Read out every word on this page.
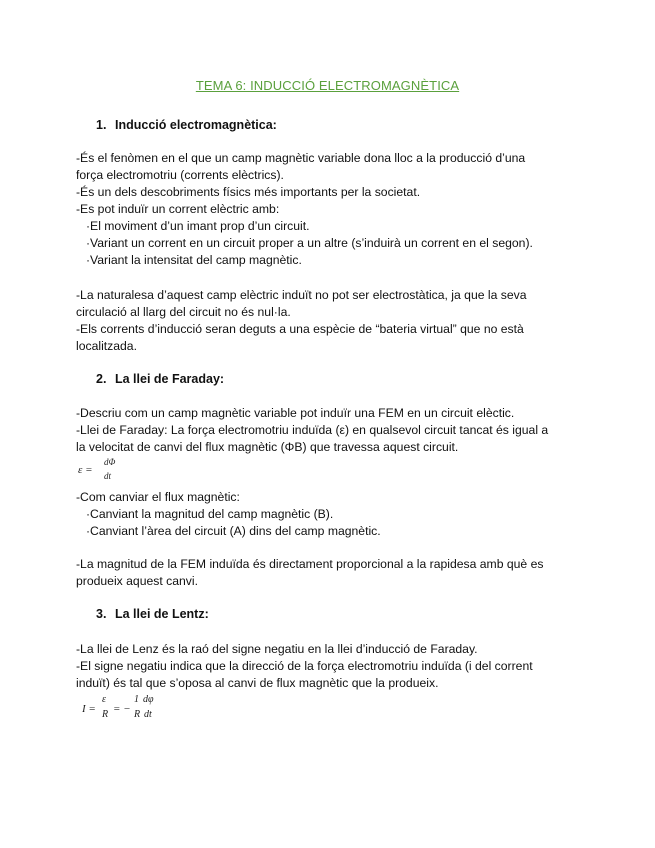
TEMA 6: INDUCCIÓ ELECTROMAGNÈTICA
1. Inducció electromagnètica:
-És el fenòmen en el que un camp magnètic variable dona lloc a la producció d’una
força electromotriu (corrents elèctrics).
-És un dels descobriments físics més importants per la societat.
-Es pot induïr un corrent elèctric amb:
·El moviment d’un imant prop d’un circuit.
·Variant un corrent en un circuit proper a un altre (s’induirà un corrent en el segon).
·Variant la intensitat del camp magnètic.
-La naturalesa d’aquest camp elèctric induït no pot ser electrostàtica, ja que la seva
circulació al llarg del circuit no és nul·la.
-Els corrents d’inducció seran deguts a una espècie de “bateria virtual” que no està
localitzada.
2. La llei de Faraday:
-Descriu com un camp magnètic variable pot induïr una FEM en un circuit elèctic.
-Llei de Faraday: La força electromotriu induïda (ε) en qualsevol circuit tancat és igual a
la velocitat de canvi del flux magnètic (ΦB) que travessa aquest circuit.
ε =
dΦ
dt
-Com canviar el flux magnètic:
·Canviant la magnitud del camp magnètic (B).
·Canviant l’àrea del circuit (A) dins del camp magnètic.
-La magnitud de la FEM induïda és directament proporcional a la rapidesa amb què es
produeix aquest canvi.
3. La llei de Lentz:
-La llei de Lenz és la raó del signe negatiu en la llei d’inducció de Faraday.
-El signe negatiu indica que la direcció de la força electromotriu induïda (i del corrent
induït) és tal que s’oposa al canvi de flux magnètic que la produeix.
I =
ε
R = −
1
R
dφ
dt
